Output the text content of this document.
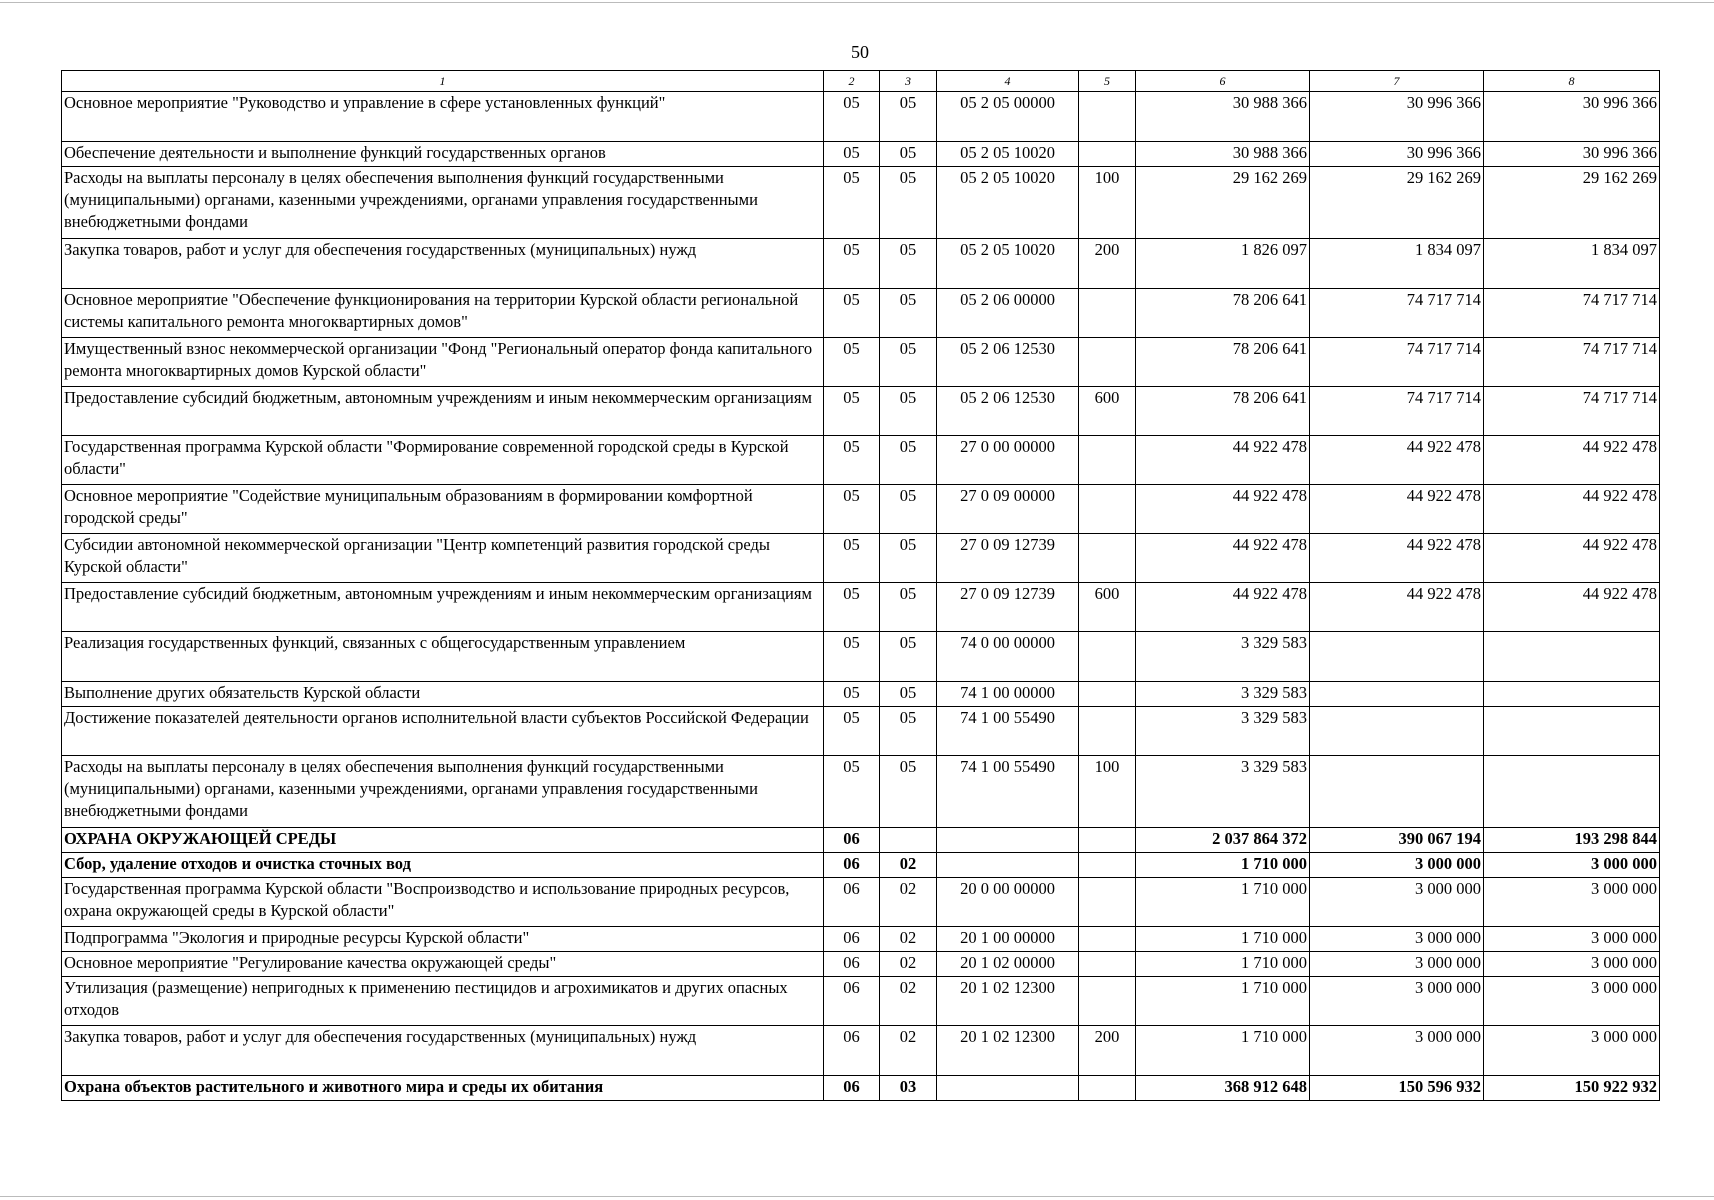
50
1	2	3	4	5	6	7	8
Основное мероприятие "Руководство и управление в сфере установленных функций"	05	05	05 2 05 00000		30 988 366	30 996 366	30 996 366
Обеспечение деятельности и выполнение функций государственных органов	05	05	05 2 05 10020		30 988 366	30 996 366	30 996 366
Расходы на выплаты персоналу в целях обеспечения выполнения функций государственными (муниципальными) органами, казенными учреждениями, органами управления государственными внебюджетными фондами	05	05	05 2 05 10020	100	29 162 269	29 162 269	29 162 269
Закупка товаров, работ и услуг для обеспечения государственных (муниципальных) нужд	05	05	05 2 05 10020	200	1 826 097	1 834 097	1 834 097
Основное мероприятие "Обеспечение функционирования на территории Курской области региональной системы капитального ремонта многоквартирных домов"	05	05	05 2 06 00000		78 206 641	74 717 714	74 717 714
Имущественный взнос некоммерческой организации "Фонд "Региональный оператор фонда капитального ремонта многоквартирных домов Курской области"	05	05	05 2 06 12530		78 206 641	74 717 714	74 717 714
Предоставление субсидий бюджетным, автономным учреждениям и иным некоммерческим организациям	05	05	05 2 06 12530	600	78 206 641	74 717 714	74 717 714
Государственная программа Курской области "Формирование современной городской среды в Курской области"	05	05	27 0 00 00000		44 922 478	44 922 478	44 922 478
Основное мероприятие "Содействие муниципальным образованиям в формировании комфортной городской среды"	05	05	27 0 09 00000		44 922 478	44 922 478	44 922 478
Субсидии автономной некоммерческой организации "Центр компетенций развития городской среды Курской области"	05	05	27 0 09 12739		44 922 478	44 922 478	44 922 478
Предоставление субсидий бюджетным, автономным учреждениям и иным некоммерческим организациям	05	05	27 0 09 12739	600	44 922 478	44 922 478	44 922 478
Реализация государственных функций, связанных с общегосударственным управлением	05	05	74 0 00 00000		3 329 583		
Выполнение других обязательств Курской области	05	05	74 1 00 00000		3 329 583		
Достижение показателей деятельности органов исполнительной власти субъектов Российской Федерации	05	05	74 1 00 55490		3 329 583		
Расходы на выплаты персоналу в целях обеспечения выполнения функций государственными (муниципальными) органами, казенными учреждениями, органами управления государственными внебюджетными фондами	05	05	74 1 00 55490	100	3 329 583		
ОХРАНА ОКРУЖАЮЩЕЙ СРЕДЫ	06				2 037 864 372	390 067 194	193 298 844
Сбор, удаление отходов и очистка сточных вод	06	02			1 710 000	3 000 000	3 000 000
Государственная программа Курской области "Воспроизводство и использование природных ресурсов, охрана окружающей среды в Курской области"	06	02	20 0 00 00000		1 710 000	3 000 000	3 000 000
Подпрограмма "Экология и природные ресурсы Курской области"	06	02	20 1 00 00000		1 710 000	3 000 000	3 000 000
Основное мероприятие "Регулирование качества окружающей среды"	06	02	20 1 02 00000		1 710 000	3 000 000	3 000 000
Утилизация (размещение) непригодных к применению пестицидов и агрохимикатов и других опасных отходов	06	02	20 1 02 12300		1 710 000	3 000 000	3 000 000
Закупка товаров, работ и услуг для обеспечения государственных (муниципальных) нужд	06	02	20 1 02 12300	200	1 710 000	3 000 000	3 000 000
Охрана объектов растительного и животного мира и среды их обитания	06	03			368 912 648	150 596 932	150 922 932
